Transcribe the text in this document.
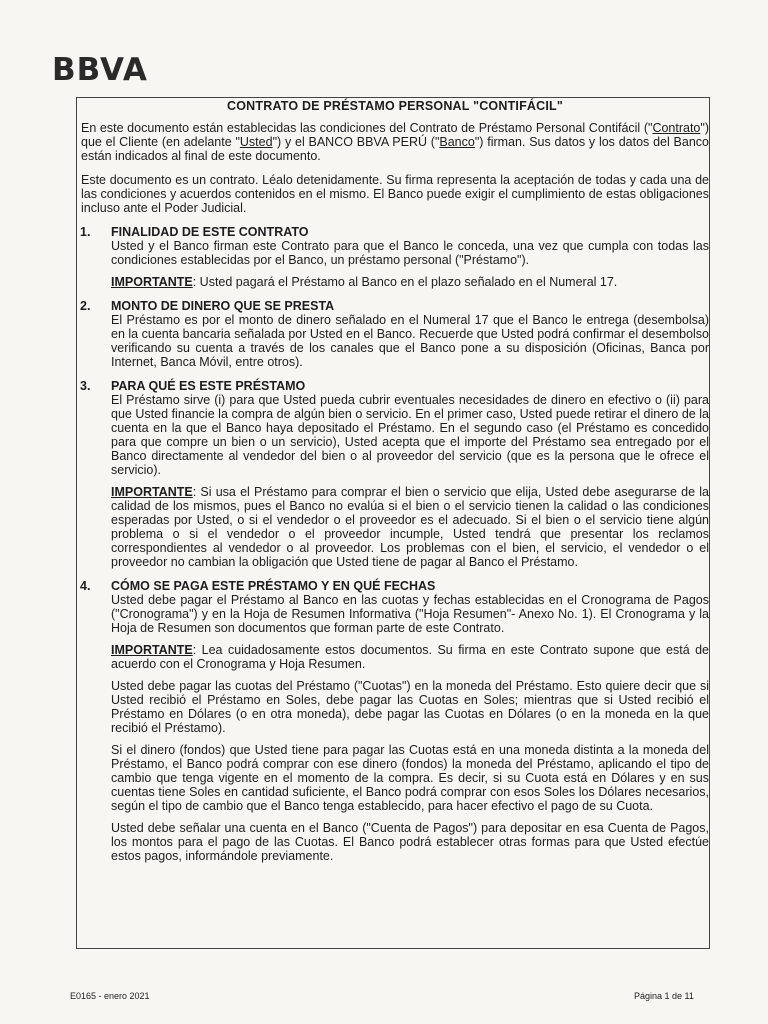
BBVA

CONTRATO DE PRÉSTAMO PERSONAL "CONTIFÁCIL"

En este documento están establecidas las condiciones del Contrato de Préstamo Personal Contifácil ("Contrato") que el Cliente (en adelante "Usted") y el BANCO BBVA PERÚ ("Banco") firman. Sus datos y los datos del Banco están indicados al final de este documento.

Este documento es un contrato. Léalo detenidamente. Su firma representa la aceptación de todas y cada una de las condiciones y acuerdos contenidos en el mismo. El Banco puede exigir el cumplimiento de estas obligaciones incluso ante el Poder Judicial.

1. FINALIDAD DE ESTE CONTRATO

Usted y el Banco firman este Contrato para que el Banco le conceda, una vez que cumpla con todas las condiciones establecidas por el Banco, un préstamo personal ("Préstamo").

IMPORTANTE: Usted pagará el Préstamo al Banco en el plazo señalado en el Numeral 17.

2. MONTO DE DINERO QUE SE PRESTA

El Préstamo es por el monto de dinero señalado en el Numeral 17 que el Banco le entrega (desembolsa) en la cuenta bancaria señalada por Usted en el Banco. Recuerde que Usted podrá confirmar el desembolso verificando su cuenta a través de los canales que el Banco pone a su disposición (Oficinas, Banca por Internet, Banca Móvil, entre otros).

3. PARA QUÉ ES ESTE PRÉSTAMO

El Préstamo sirve (i) para que Usted pueda cubrir eventuales necesidades de dinero en efectivo o (ii) para que Usted financie la compra de algún bien o servicio. En el primer caso, Usted puede retirar el dinero de la cuenta en la que el Banco haya depositado el Préstamo. En el segundo caso (el Préstamo es concedido para que compre un bien o un servicio), Usted acepta que el importe del Préstamo sea entregado por el Banco directamente al vendedor del bien o al proveedor del servicio (que es la persona que le ofrece el servicio).

IMPORTANTE: Si usa el Préstamo para comprar el bien o servicio que elija, Usted debe asegurarse de la calidad de los mismos, pues el Banco no evalúa si el bien o el servicio tienen la calidad o las condiciones esperadas por Usted, o si el vendedor o el proveedor es el adecuado. Si el bien o el servicio tiene algún problema o si el vendedor o el proveedor incumple, Usted tendrá que presentar los reclamos correspondientes al vendedor o al proveedor. Los problemas con el bien, el servicio, el vendedor o el proveedor no cambian la obligación que Usted tiene de pagar al Banco el Préstamo.

4. CÓMO SE PAGA ESTE PRÉSTAMO Y EN QUÉ FECHAS

Usted debe pagar el Préstamo al Banco en las cuotas y fechas establecidas en el Cronograma de Pagos ("Cronograma") y en la Hoja de Resumen Informativa ("Hoja Resumen"- Anexo No. 1). El Cronograma y la Hoja de Resumen son documentos que forman parte de este Contrato.

IMPORTANTE: Lea cuidadosamente estos documentos. Su firma en este Contrato supone que está de acuerdo con el Cronograma y Hoja Resumen.

Usted debe pagar las cuotas del Préstamo ("Cuotas") en la moneda del Préstamo. Esto quiere decir que si Usted recibió el Préstamo en Soles, debe pagar las Cuotas en Soles; mientras que si Usted recibió el Préstamo en Dólares (o en otra moneda), debe pagar las Cuotas en Dólares (o en la moneda en la que recibió el Préstamo).

Si el dinero (fondos) que Usted tiene para pagar las Cuotas está en una moneda distinta a la moneda del Préstamo, el Banco podrá comprar con ese dinero (fondos) la moneda del Préstamo, aplicando el tipo de cambio que tenga vigente en el momento de la compra. Es decir, si su Cuota está en Dólares y en sus cuentas tiene Soles en cantidad suficiente, el Banco podrá comprar con esos Soles los Dólares necesarios, según el tipo de cambio que el Banco tenga establecido, para hacer efectivo el pago de su Cuota.

Usted debe señalar una cuenta en el Banco ("Cuenta de Pagos") para depositar en esa Cuenta de Pagos, los montos para el pago de las Cuotas. El Banco podrá establecer otras formas para que Usted efectúe estos pagos, informándole previamente.

E0165 - enero 2021	Página 1 de 11
